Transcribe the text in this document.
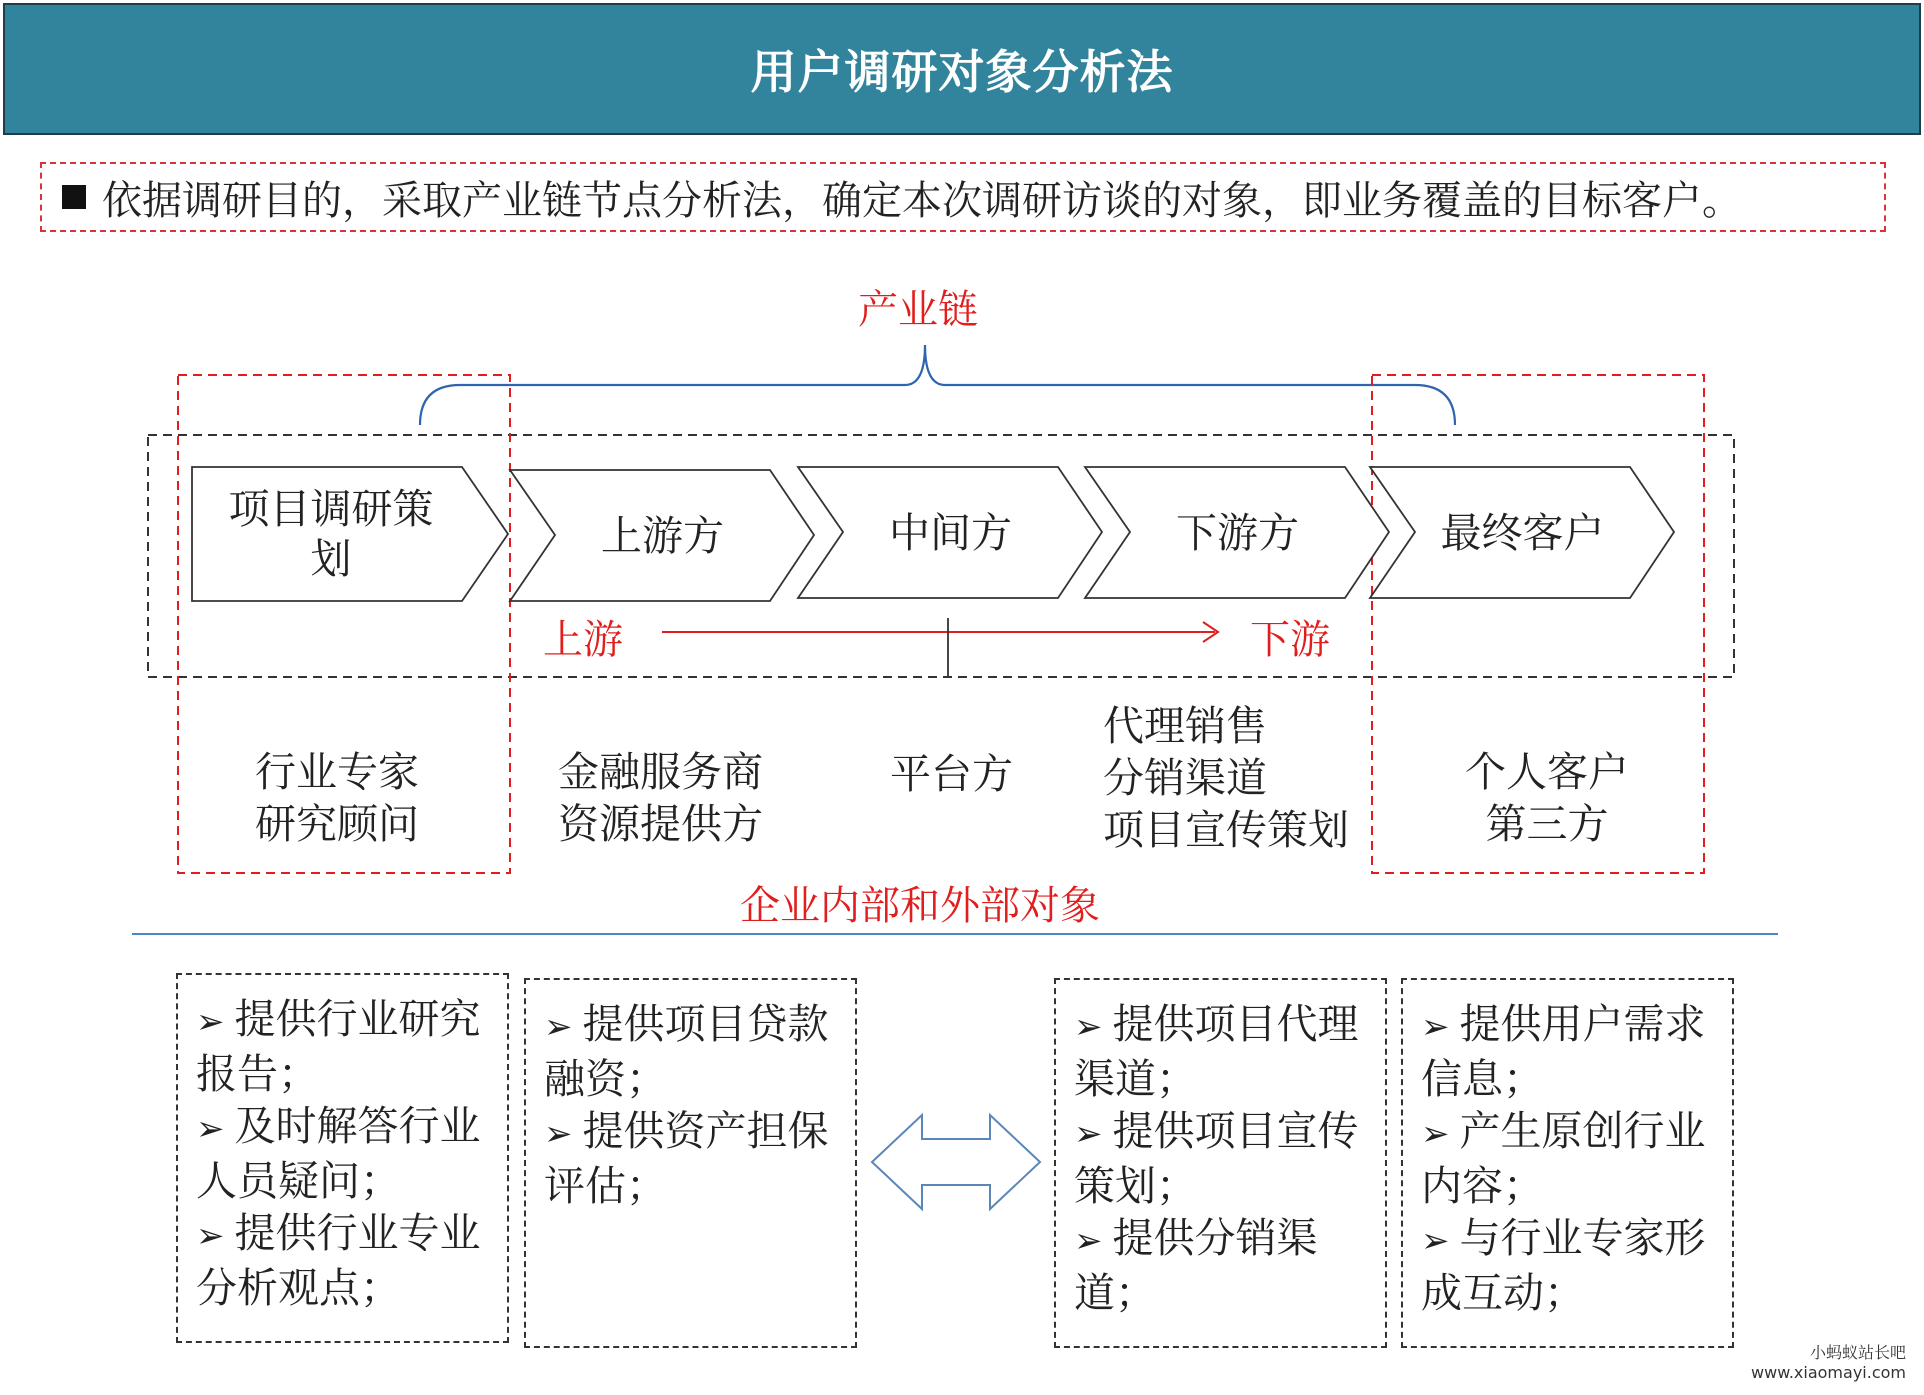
用户调研对象分析法
依据调研目的，采取产业链节点分析法，确定本次调研访谈的对象，即业务覆盖的目标客户。
产业链
项目调研策划	上游方	中间方	下游方	最终客户
上游	下游
行业专家
研究顾问
金融服务商
资源提供方
平台方
代理销售
分销渠道
项目宣传策划
个人客户
第三方
企业内部和外部对象
➢ 提供行业研究报告；
➢ 及时解答行业人员疑问；
➢ 提供行业专业分析观点；
➢ 提供项目贷款融资；
➢ 提供资产担保评估；
➢ 提供项目代理渠道；
➢ 提供项目宣传策划；
➢ 提供分销渠道；
➢ 提供用户需求信息；
➢ 产生原创行业内容；
➢ 与行业专家形成互动；
小蚂蚁站长吧
www.xiaomayi.com
